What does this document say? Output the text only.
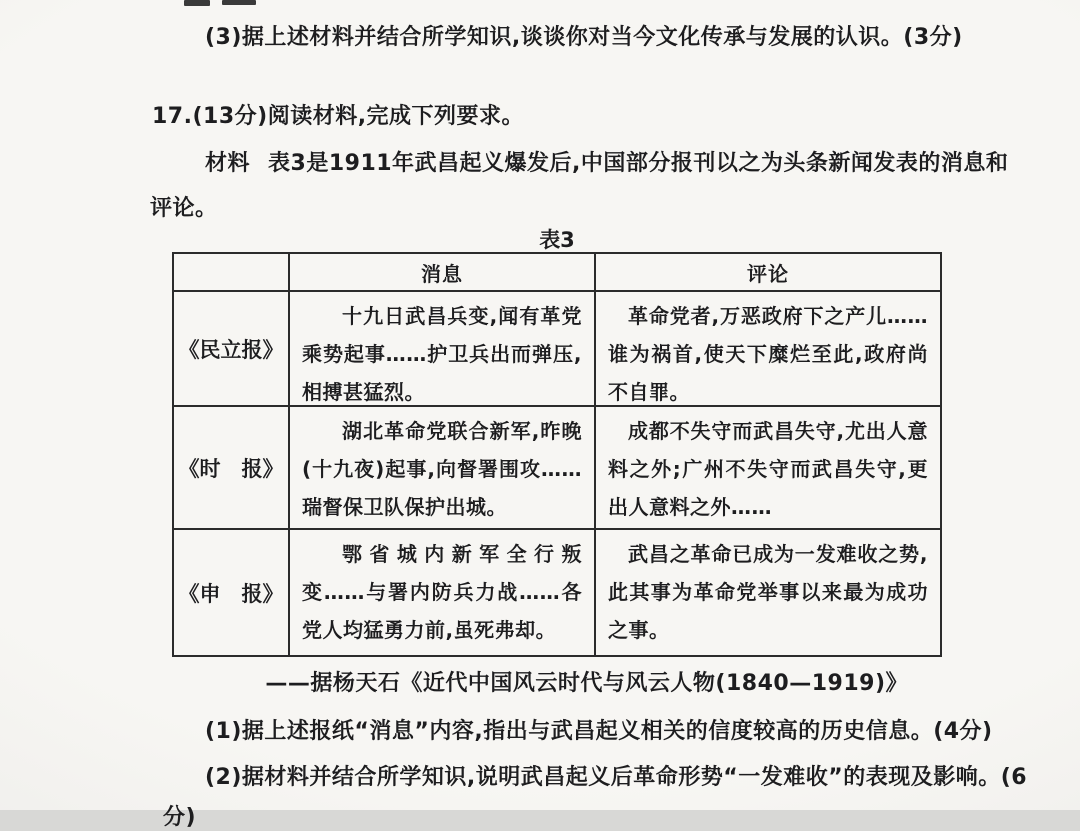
(3)据上述材料并结合所学知识,谈谈你对当今文化传承与发展的认识。(3分)
17.(13分)阅读材料,完成下列要求。
材料 表3是1911年武昌起义爆发后,中国部分报刊以之为头条新闻发表的消息和
评论。
表3
消息	评论
《民立报》
十九日武昌兵变,闻有革党乘势起事……护卫兵出而弹压,相搏甚猛烈。
革命党者,万恶政府下之产儿……谁为祸首,使天下糜烂至此,政府尚不自罪。
《时　报》
湖北革命党联合新军,昨晚(十九夜)起事,向督署围攻……瑞督保卫队保护出城。
成都不失守而武昌失守,尤出人意料之外;广州不失守而武昌失守,更出人意料之外……
《申　报》
鄂省城内新军全行叛变……与署内防兵力战……各党人均猛勇力前,虽死弗却。
武昌之革命已成为一发难收之势,此其事为革命党举事以来最为成功之事。
——据杨天石《近代中国风云时代与风云人物(1840—1919)》
(1)据上述报纸“消息”内容,指出与武昌起义相关的信度较高的历史信息。(4分)
(2)据材料并结合所学知识,说明武昌起义后革命形势“一发难收”的表现及影响。(6
分)
